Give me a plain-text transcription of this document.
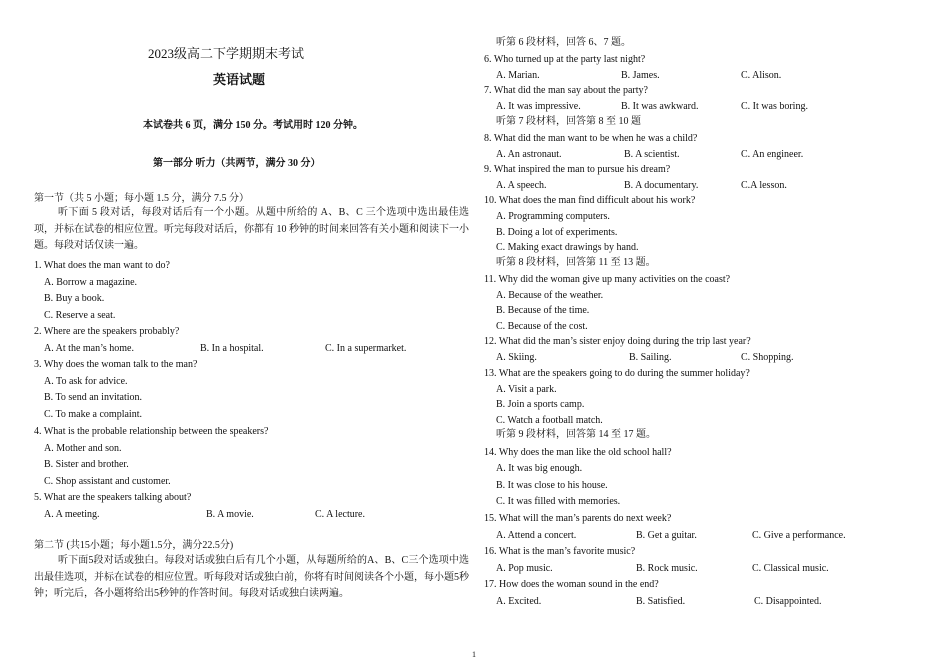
2023级高二下学期期末考试
英语试题
本试卷共 6 页，满分 150 分。考试用时 120 分钟。
第一部分 听力（共两节，满分 30 分）
第一节（共 5 小题；每小题 1.5 分，满分 7.5 分）
听下面 5 段对话，每段对话后有一个小题。从题中所给的 A、B、C 三个选项中选出最佳选项，并标在试卷的相应位置。听完每段对话后，你都有 10 秒钟的时间来回答有关小题和阅读下一小题。每段对话仅读一遍。
1. What does the man want to do?
A. Borrow a magazine.
B. Buy a book.
C. Reserve a seat.
2. Where are the speakers probably?
A. At the man’s home.	B. In a hospital.	C. In a supermarket.
3. Why does the woman talk to the man?
A. To ask for advice.
B. To send an invitation.
C. To make a complaint.
4. What is the probable relationship between the speakers?
A. Mother and son.
B. Sister and brother.
C. Shop assistant and customer.
5. What are the speakers talking about?
A. A meeting.	B. A movie.	C. A lecture.
第二节 (共15小题；每小题1.5分，满分22.5分)
听下面5段对话或独白。每段对话或独白后有几个小题，从每题所给的A、B、C三个选项中选出最佳选项，并标在试卷的相应位置。听每段对话或独白前，你将有时间阅读各个小题，每小题5秒钟；听完后，各小题将给出5秒钟的作答时间。每段对话或独白读两遍。
听第 6 段材料，回答 6、7 题。
6. Who turned up at the party last night?
A. Marian.	B. James.	C. Alison.
7. What did the man say about the party?
A. It was impressive.	B. It was awkward.	C. It was boring.
听第 7 段材料，回答第 8 至 10 题
8. What did the man want to be when he was a child?
A. An astronaut.	B. A scientist.	C. An engineer.
9. What inspired the man to pursue his dream?
A. A speech.	B. A documentary.	C.A lesson.
10. What does the man find difficult about his work?
A. Programming computers.
B. Doing a lot of experiments.
C. Making exact drawings by hand.
听第 8 段材料，回答第 11 至 13 题。
11. Why did the woman give up many activities on the coast?
A. Because of the weather.
B. Because of the time.
C. Because of the cost.
12. What did the man’s sister enjoy doing during the trip last year?
A. Skiing.	B. Sailing.	C. Shopping.
13. What are the speakers going to do during the summer holiday?
A. Visit a park.
B. Join a sports camp.
C. Watch a football match.
听第 9 段材料，回答第 14 至 17 题。
14. Why does the man like the old school hall?
A. It was big enough.
B. It was close to his house.
C. It was filled with memories.
15. What will the man’s parents do next week?
A. Attend a concert.	B. Get a guitar.	C. Give a performance.
16. What is the man’s favorite music?
A. Pop music.	B. Rock music.	C. Classical music.
17. How does the woman sound in the end?
A. Excited.	B. Satisfied.	C. Disappointed.
1
